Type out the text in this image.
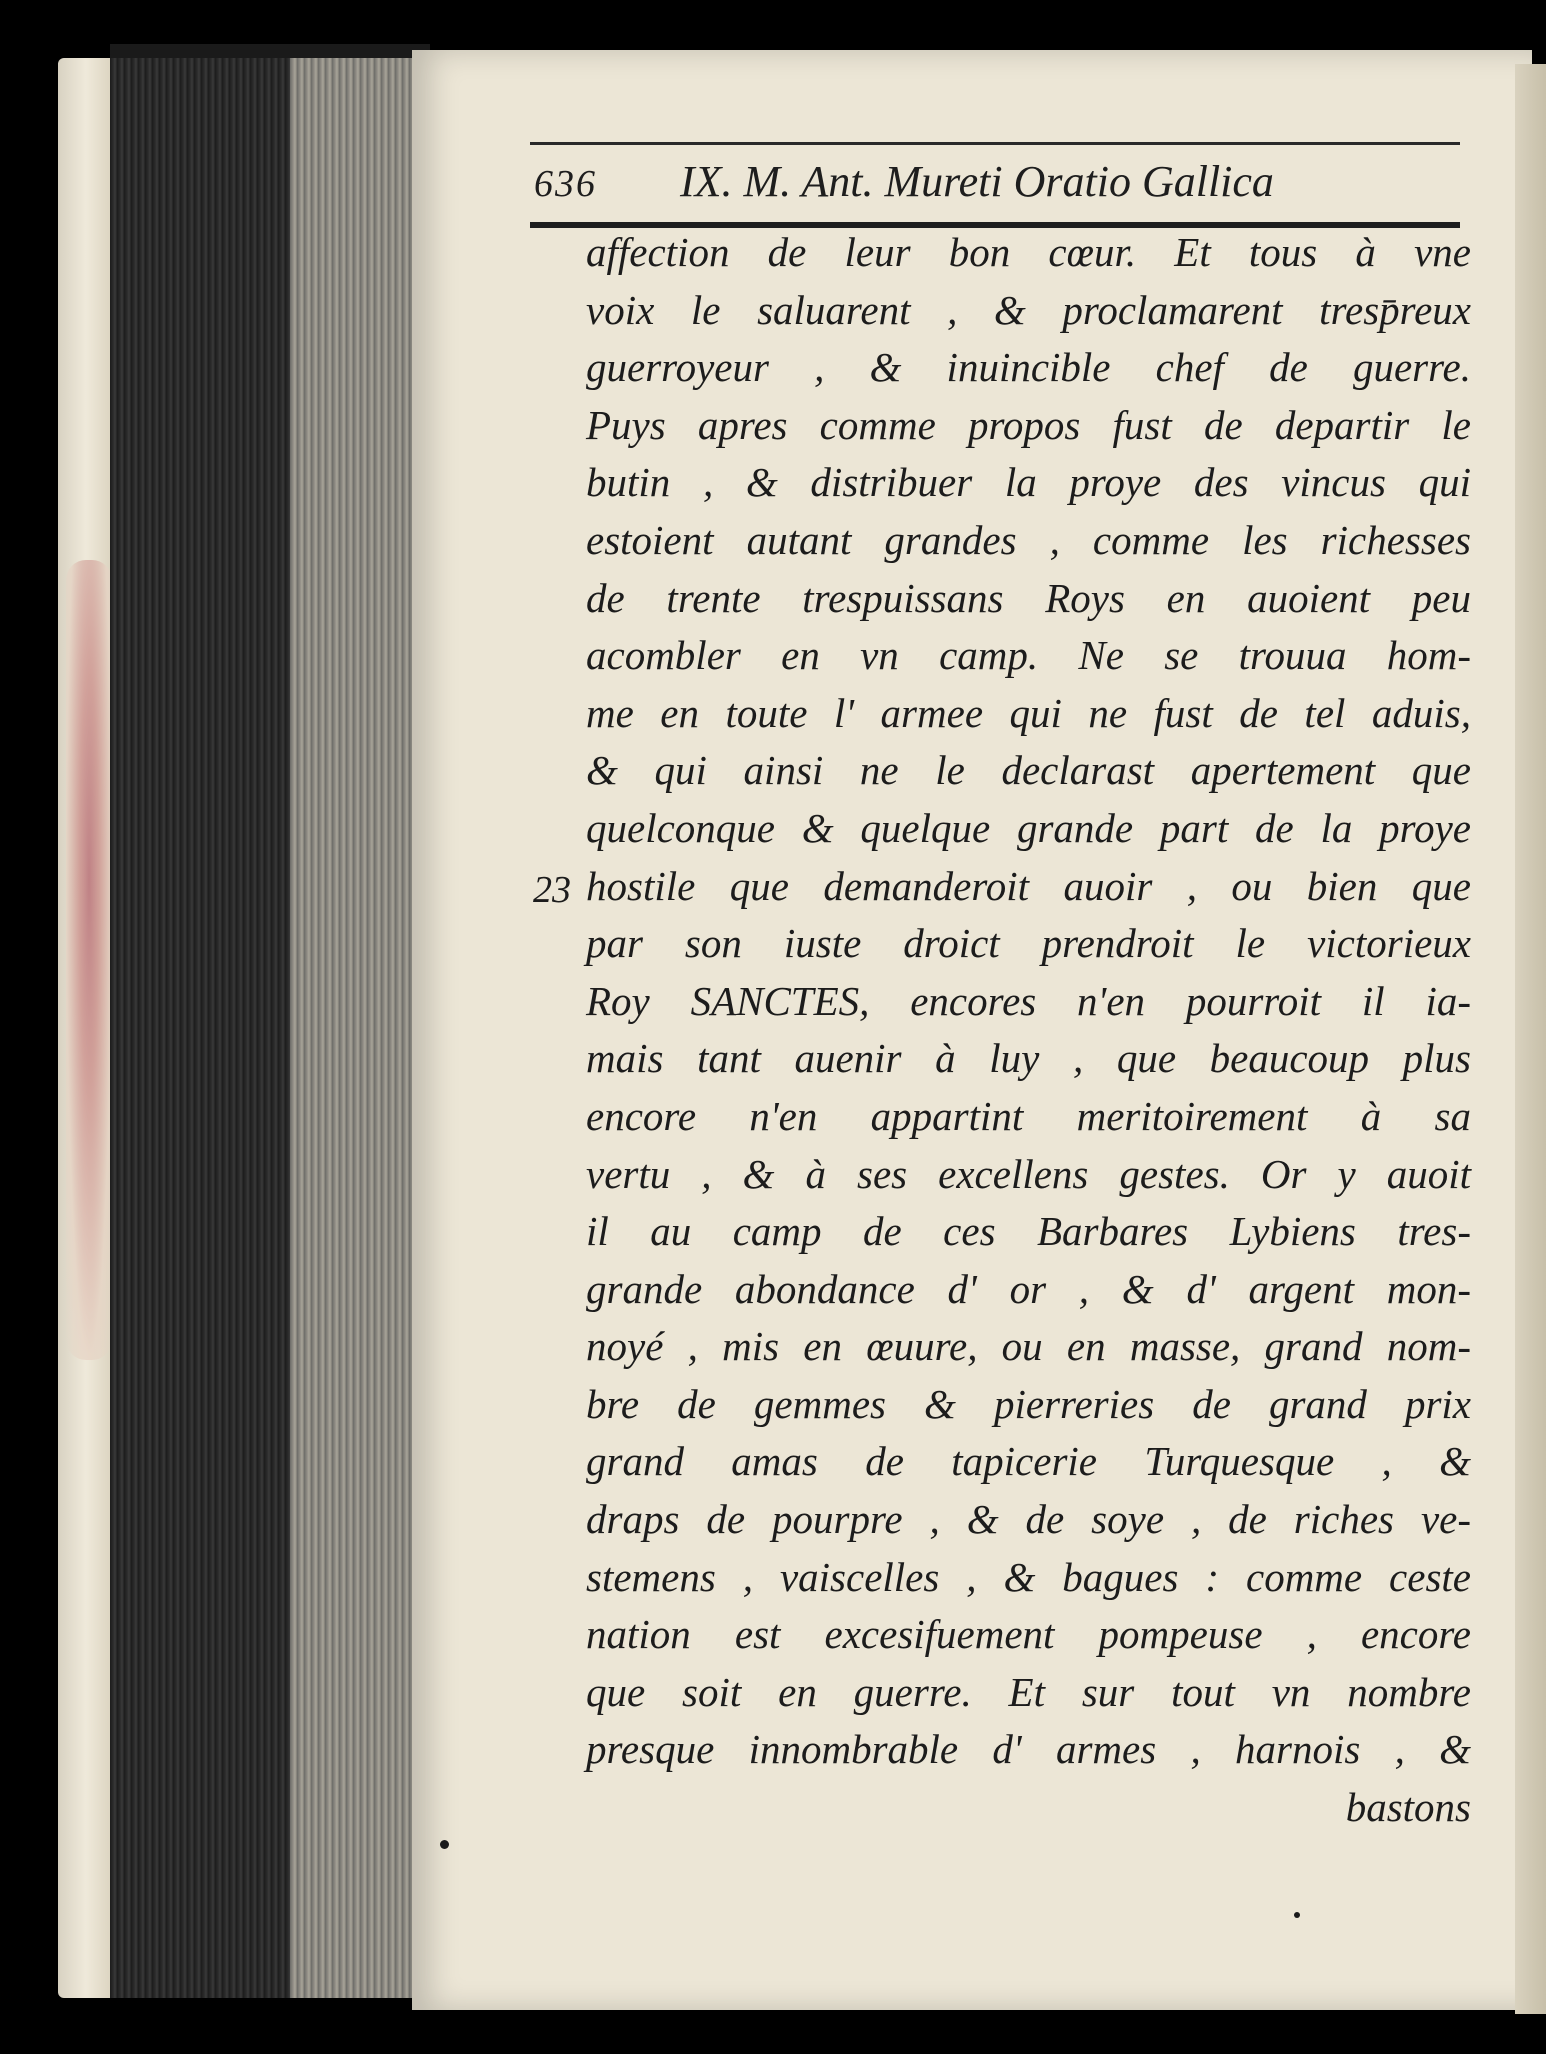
636 IX. M. Ant. Mureti Oratio Gallica
23
affection de leur bon cœur. Et tous à vne
voix le saluarent , & proclamarent tresp̄reux
guerroyeur , & inuincible chef de guerre.
Puys apres comme propos fust de departir le
butin , & distribuer la proye des vincus qui
estoient autant grandes , comme les richesses
de trente trespuissans Roys en auoient peu
acombler en vn camp. Ne se trouua hom-
me en toute l' armee qui ne fust de tel aduis,
& qui ainsi ne le declarast apertement que
quelconque & quelque grande part de la proye
hostile que demanderoit auoir , ou bien que
par son iuste droict prendroit le victorieux
Roy SANCTES, encores n'en pourroit il ia-
mais tant auenir à luy , que beaucoup plus
encore n'en appartint meritoirement à sa
vertu , & à ses excellens gestes. Or y auoit
il au camp de ces Barbares Lybiens tres-
grande abondance d' or , & d' argent mon-
noyé , mis en œuure, ou en masse, grand nom-
bre de gemmes & pierreries de grand prix
grand amas de tapicerie Turquesque , &
draps de pourpre , & de soye , de riches ve-
stemens , vaiscelles , & bagues : comme ceste
nation est excesifuement pompeuse , encore
que soit en guerre. Et sur tout vn nombre
presque innombrable d' armes , harnois , &
bastons
